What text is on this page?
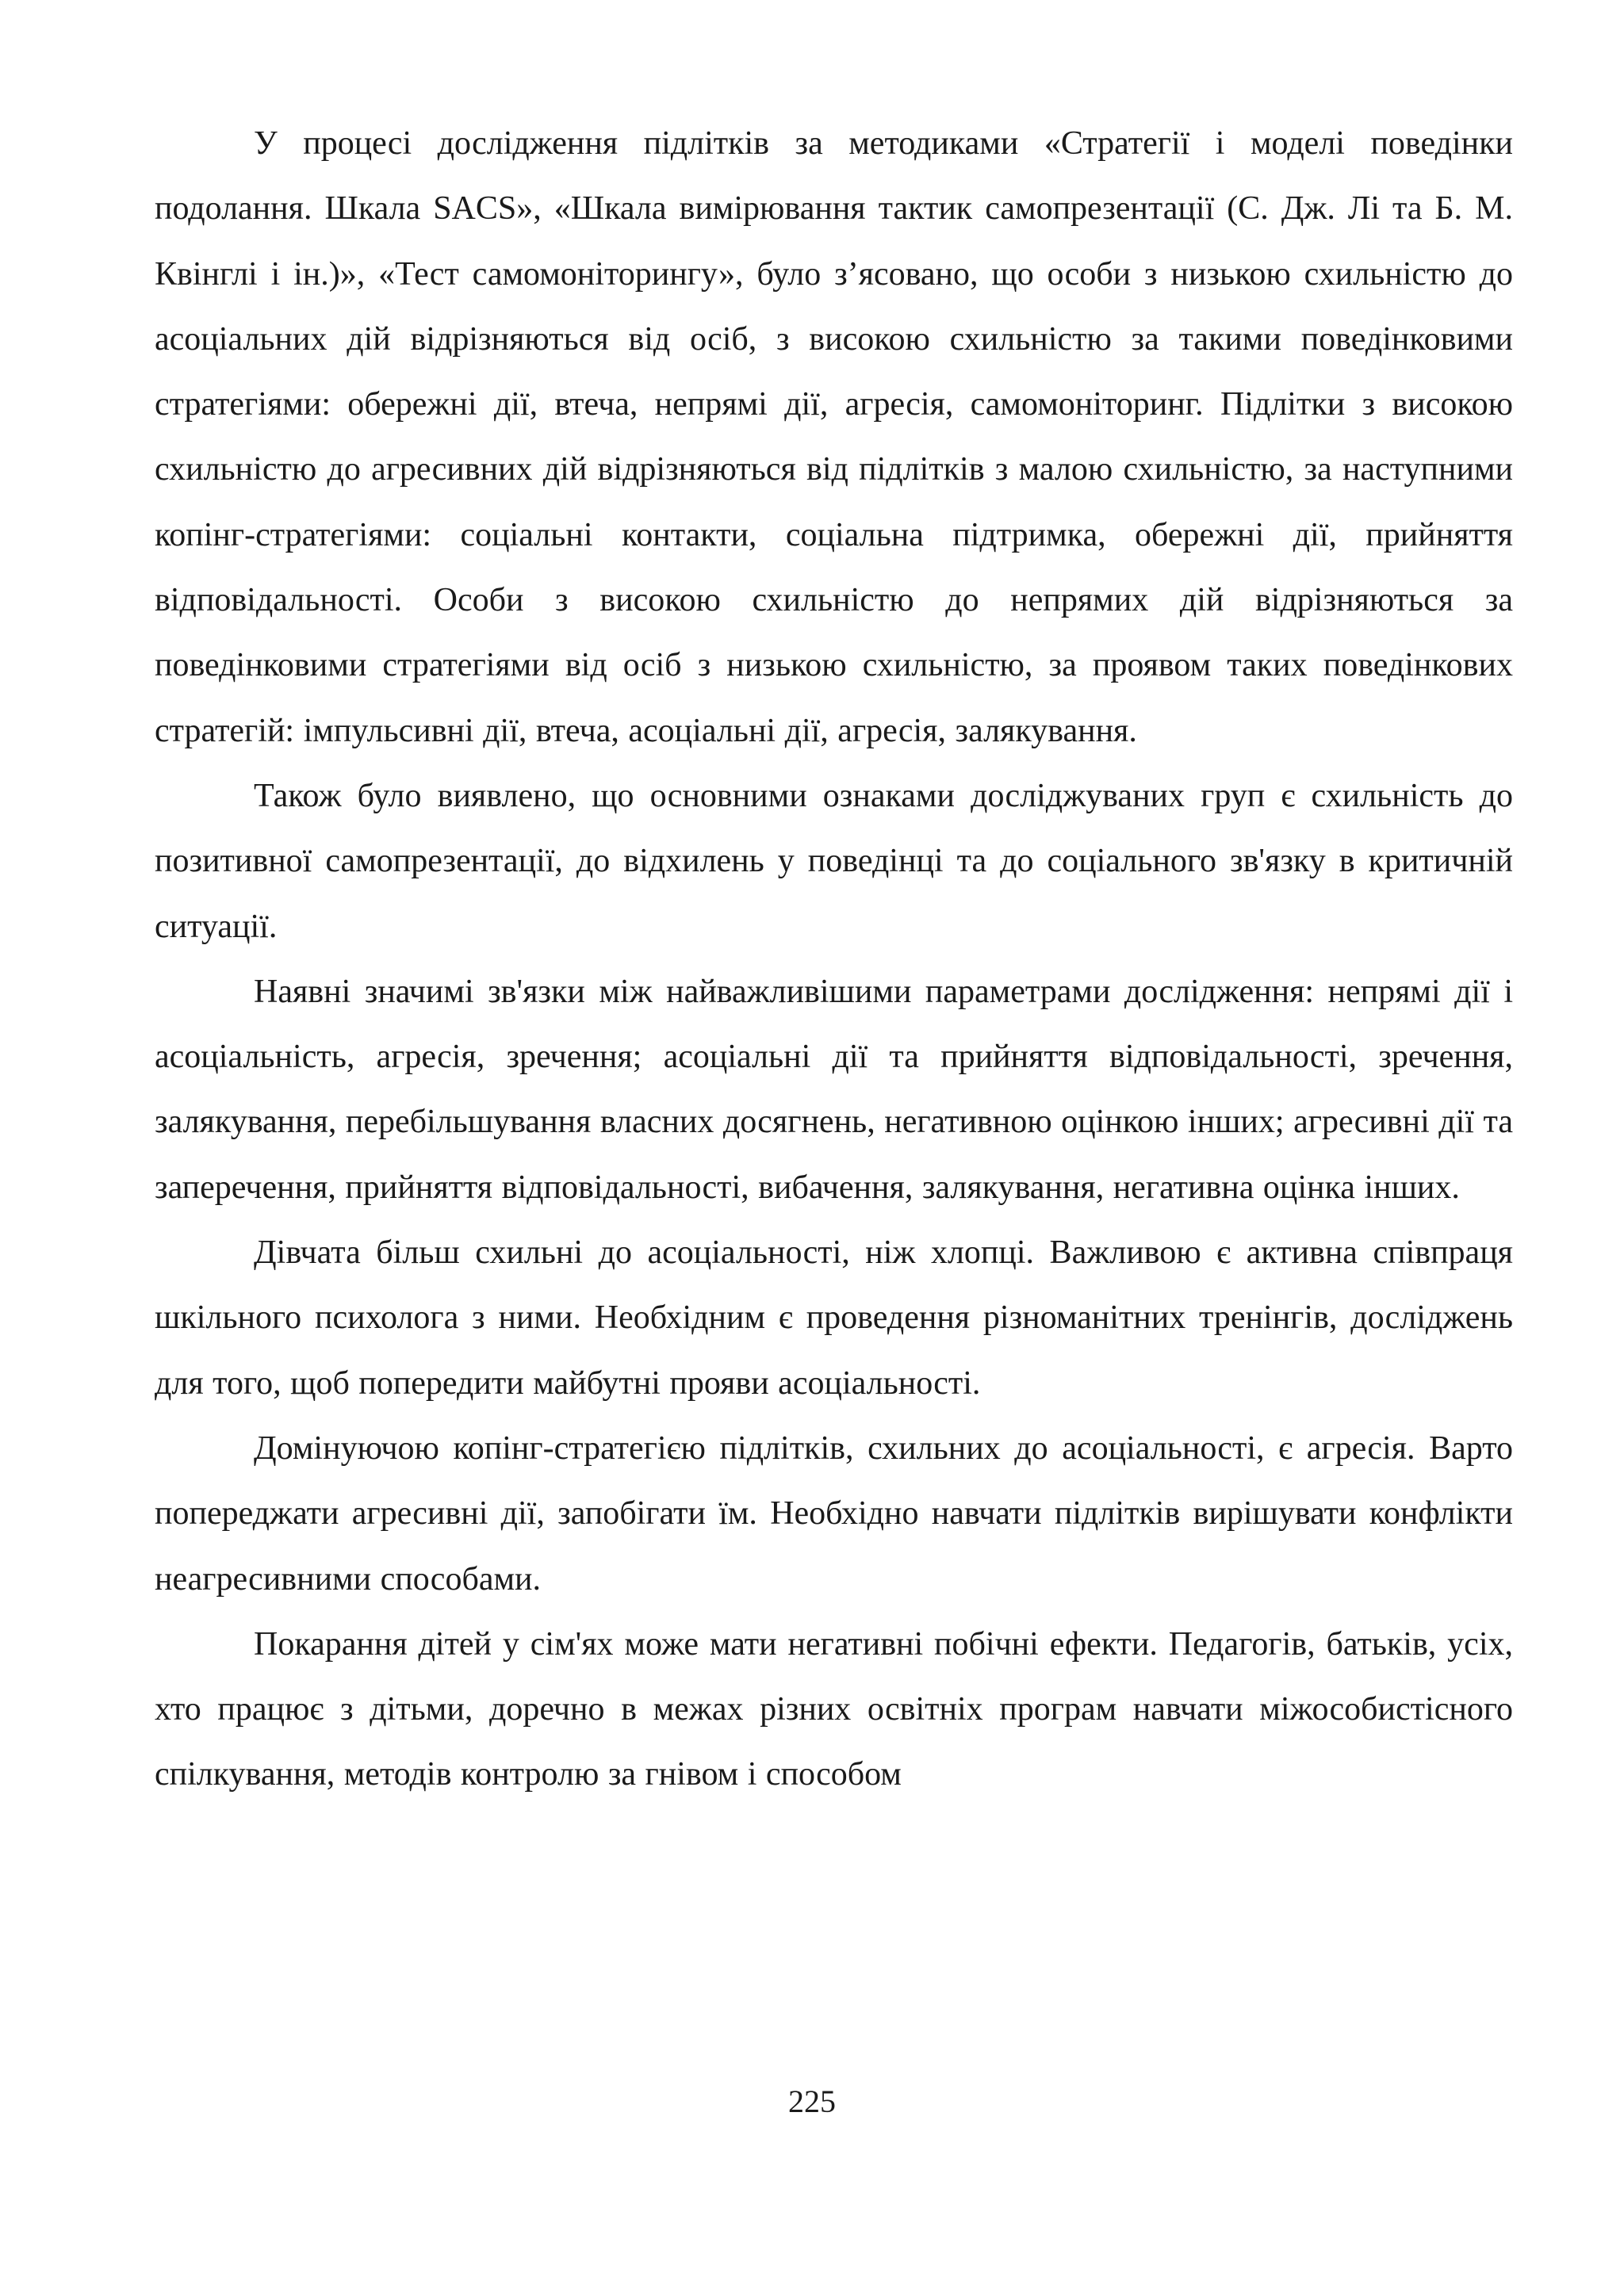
У процесі дослідження підлітків за методиками «Стратегії і моделі поведінки подолання. Шкала SACS», «Шкала вимірювання тактик самопрезентації (С. Дж. Лі та Б. М. Квінглі і ін.)», «Тест самомоніторингу», було з’ясовано, що особи з низькою схильністю до асоціальних дій відрізняються від осіб, з високою схильністю за такими поведінковими стратегіями: обережні дії, втеча, непрямі дії, агресія, самомоніторинг. Підлітки з високою схильністю до агресивних дій відрізняються від підлітків з малою схильністю, за наступними копінг-стратегіями: соціальні контакти, соціальна підтримка, обережні дії, прийняття відповідальності. Особи з високою схильністю до непрямих дій відрізняються за поведінковими стратегіями від осіб з низькою схильністю, за проявом таких поведінкових стратегій: імпульсивні дії, втеча, асоціальні дії, агресія, залякування.

Також було виявлено, що основними ознаками досліджуваних груп є схильність до позитивної самопрезентації, до відхилень у поведінці та до соціального зв'язку в критичній ситуації.

Наявні значимі зв'язки між найважливішими параметрами дослідження: непрямі дії і асоціальність, агресія, зречення; асоціальні дії та прийняття відповідальності, зречення, залякування, перебільшування власних досягнень, негативною оцінкою інших; агресивні дії та заперечення, прийняття відповідальності, вибачення, залякування, негативна оцінка інших.

Дівчата більш схильні до асоціальності, ніж хлопці. Важливою є активна співпраця шкільного психолога з ними. Необхідним є проведення різноманітних тренінгів, досліджень для того, щоб попередити майбутні прояви асоціальності.

Домінуючою копінг-стратегією підлітків, схильних до асоціальності, є агресія. Варто попереджати агресивні дії, запобігати їм. Необхідно навчати підлітків вирішувати конфлікти неагресивними способами.

Покарання дітей у сім'ях може мати негативні побічні ефекти. Педагогів, батьків, усіх, хто працює з дітьми, доречно в межах різних освітніх програм навчати міжособистісного спілкування, методів контролю за гнівом і способом

225
